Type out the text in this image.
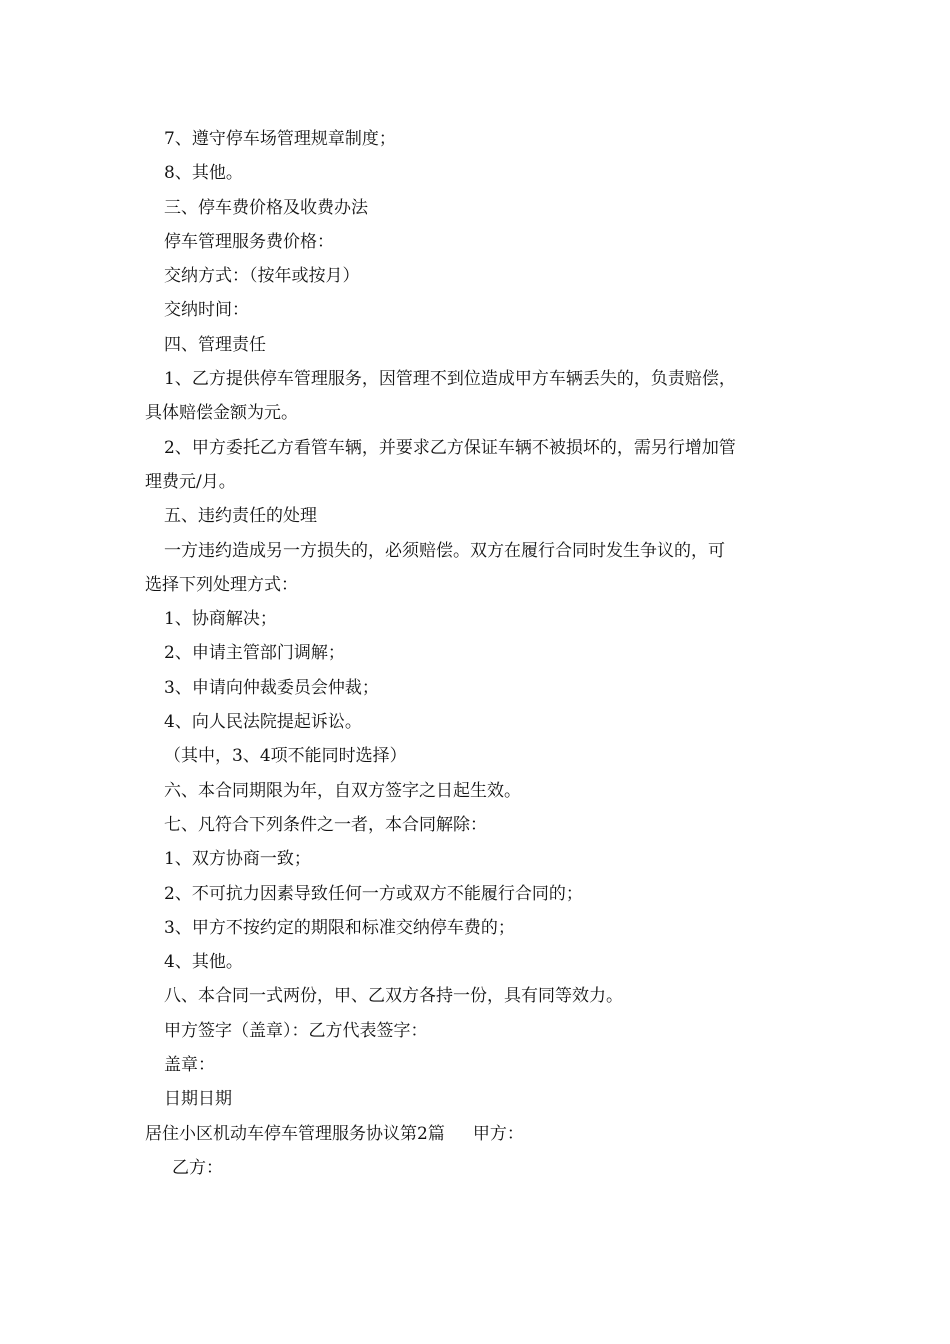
7、遵守停车场管理规章制度；
8、其他。
三、停车费价格及收费办法
停车管理服务费价格：
交纳方式：（按年或按月）
交纳时间：
四、管理责任
1、乙方提供停车管理服务，因管理不到位造成甲方车辆丢失的，负责赔偿，
具体赔偿金额为元。
2、甲方委托乙方看管车辆，并要求乙方保证车辆不被损坏的，需另行增加管
理费元/月。
五、违约责任的处理
一方违约造成另一方损失的，必须赔偿。双方在履行合同时发生争议的，可
选择下列处理方式：
1、协商解决；
2、申请主管部门调解；
3、申请向仲裁委员会仲裁；
4、向人民法院提起诉讼。
（其中，3、4项不能同时选择）
六、本合同期限为年，自双方签字之日起生效。
七、凡符合下列条件之一者，本合同解除：
1、双方协商一致；
2、不可抗力因素导致任何一方或双方不能履行合同的；
3、甲方不按约定的期限和标准交纳停车费的；
4、其他。
八、本合同一式两份，甲、乙双方各持一份，具有同等效力。
甲方签字（盖章）：乙方代表签字：
盖章：
日期日期
居住小区机动车停车管理服务协议第2篇 甲方：
乙方：
